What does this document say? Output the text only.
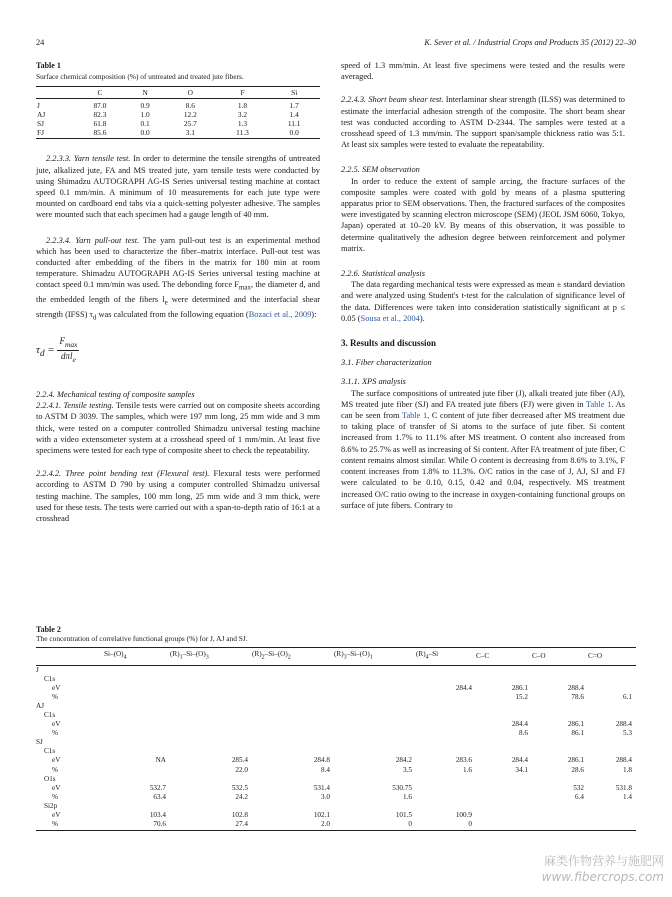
24	K. Sever et al. / Industrial Crops and Products 35 (2012) 22–30
Table 1
Surface chemical composition (%) of untreated and treated jute fibers.
	C	N	O	F	Si
J	87.0	0.9	8.6	1.8	1.7
AJ	82.3	1.0	12.2	3.2	1.4
SJ	61.8	0.1	25.7	1.3	11.1
FJ	85.6	0.0	3.1	11.3	0.0

2.2.3.3. Yarn tensile test. In order to determine the tensile strengths of untreated jute, alkalized jute, FA and MS treated jute, yarn tensile tests were conducted by using Shimadzu AUTOGRAPH AG-IS Series universal testing machine at contact speed 0.1 mm/min. A minimum of 10 measurements for each jute type were mounted on cardboard end tabs via a quick-setting polyester adhesive. The samples were mounted such that each specimen had a gauge length of 40 mm.

2.2.3.4. Yarn pull-out test. The yarn pull-out test is an experimental method which has been used to characterize the fiber–matrix interface. Pull-out test was conducted after embedding of the fibers in the matrix for 180 min at room temperature. Shimadzu AUTOGRAPH AG-IS Series universal testing machine at contact speed 0.1 mm/min was used. The debonding force $F_{max}$, the diameter d, and the embedded length of the fibers $l_e$ were determined and the interfacial shear strength (IFSS) $\tau_d$ was calculated from the following equation (Bozaci et al., 2009):

$\tau_d = \frac{F_{max}}{d\pi l_e}$

2.2.4. Mechanical testing of composite samples

2.2.4.1. Tensile testing. Tensile tests were carried out on composite sheets according to ASTM D 3039. The samples, which were 197 mm long, 25 mm wide and 3 mm thick, were tested on a computer controlled Shimadzu universal testing machine with a video extensometer system at a crosshead speed of 1 mm/min. At least five specimens were tested for each type of composite sheet to check the repeatability.

2.2.4.2. Three point bending test (Flexural test). Flexural tests were performed according to ASTM D 790 by using a computer controlled Shimadzu universal testing machine. The samples, 100 mm long, 25 mm wide and 3 mm thick, were used for these tests. The tests were carried out with a span-to-depth ratio of 16:1 at a crosshead

speed of 1.3 mm/min. At least five specimens were tested and the results were averaged.

2.2.4.3. Short beam shear test. Interlaminar shear strength (ILSS) was determined to estimate the interfacial adhesion strength of the composite. The short beam shear test was conducted according to ASTM D-2344. The samples were tested at a crosshead speed of 1.3 mm/min. The support span/sample thickness ratio was 5:1. At least six samples were tested to evaluate the repeatability.

2.2.5. SEM observation

In order to reduce the extent of sample arcing, the fracture surfaces of the composite samples were coated with gold by means of a plasma sputtering apparatus prior to SEM observations. Then, the fractured surfaces of the composites were investigated by scanning electron microscope (SEM) (JEOL JSM 6060, Tokyo, Japan) operated at 10–20 kV. By means of this observation, it was possible to determine qualitatively the adhesion degree between reinforcement and polymer matrix.

2.2.6. Statistical analysis

The data regarding mechanical tests were expressed as mean ± standard deviation and were analyzed using Student's t-test for the calculation of significance level of the data. Differences were taken into consideration statistically significant at p ≤ 0.05 (Sousa et al., 2004).

3. Results and discussion
3.1. Fiber characterization

3.1.1. XPS analysis

The surface compositions of untreated jute fiber (J), alkali treated jute fiber (AJ), MS treated jute fiber (SJ) and FA treated jute fibers (FJ) were given in Table 1. As can be seen from Table 1, C content of jute fiber decreased after MS treatment due to taking place of transfer of Si atoms to the surface of jute fiber. Si content increased from 1.7% to 11.1% after MS treatment. O content also increased from 8.6% to 25.7% as well as increasing of Si content. After FA treatment of jute fiber, C content remains almost similar. While O content is decreasing from 8.6% to 3.1%, F content increases from 1.8% to 11.3%. O/C ratios in the case of J, AJ, SJ and FJ were calculated to be 0.10, 0.15, 0.42 and 0.04, respectively. MS treatment increased O/C ratio owing to the increase in oxygen-containing functional groups on surface of jute fibers. Contrary to

Table 2
The concentration of correlative functional groups (%) for J, AJ and SJ.
	$Si-(O)_4$	$(R)_1-Si-(O)_3$	$(R)_2-Si-(O)_2$	$(R)_3-Si-(O)_1$	$(R)_4-Si$	C–C	C–O	C=O
J								
C1s								
eV					284.4	286.1	288.4	
%						15.2	78.6	6.1
AJ								
C1s								
eV						284.4	286.1	288.4
%						8.6	86.1	5.3
SJ								
C1s								
eV	NA	285.4	284.8	284.2	283.6	284.4	286.1	288.4
%		22.0	8.4	3.5	1.6	34.1	28.6	1.8
O1s								
eV	532.7	532.5	531.4	530.75			532	531.8
%	63.4	24.2	3.0	1.6			6.4	1.4
Si2p								
eV	103.4	102.8	102.1	101.5	100.9			
%	70.6	27.4	2.0	0	0			
麻类作物营养与施肥网
www.fibercrops.com
